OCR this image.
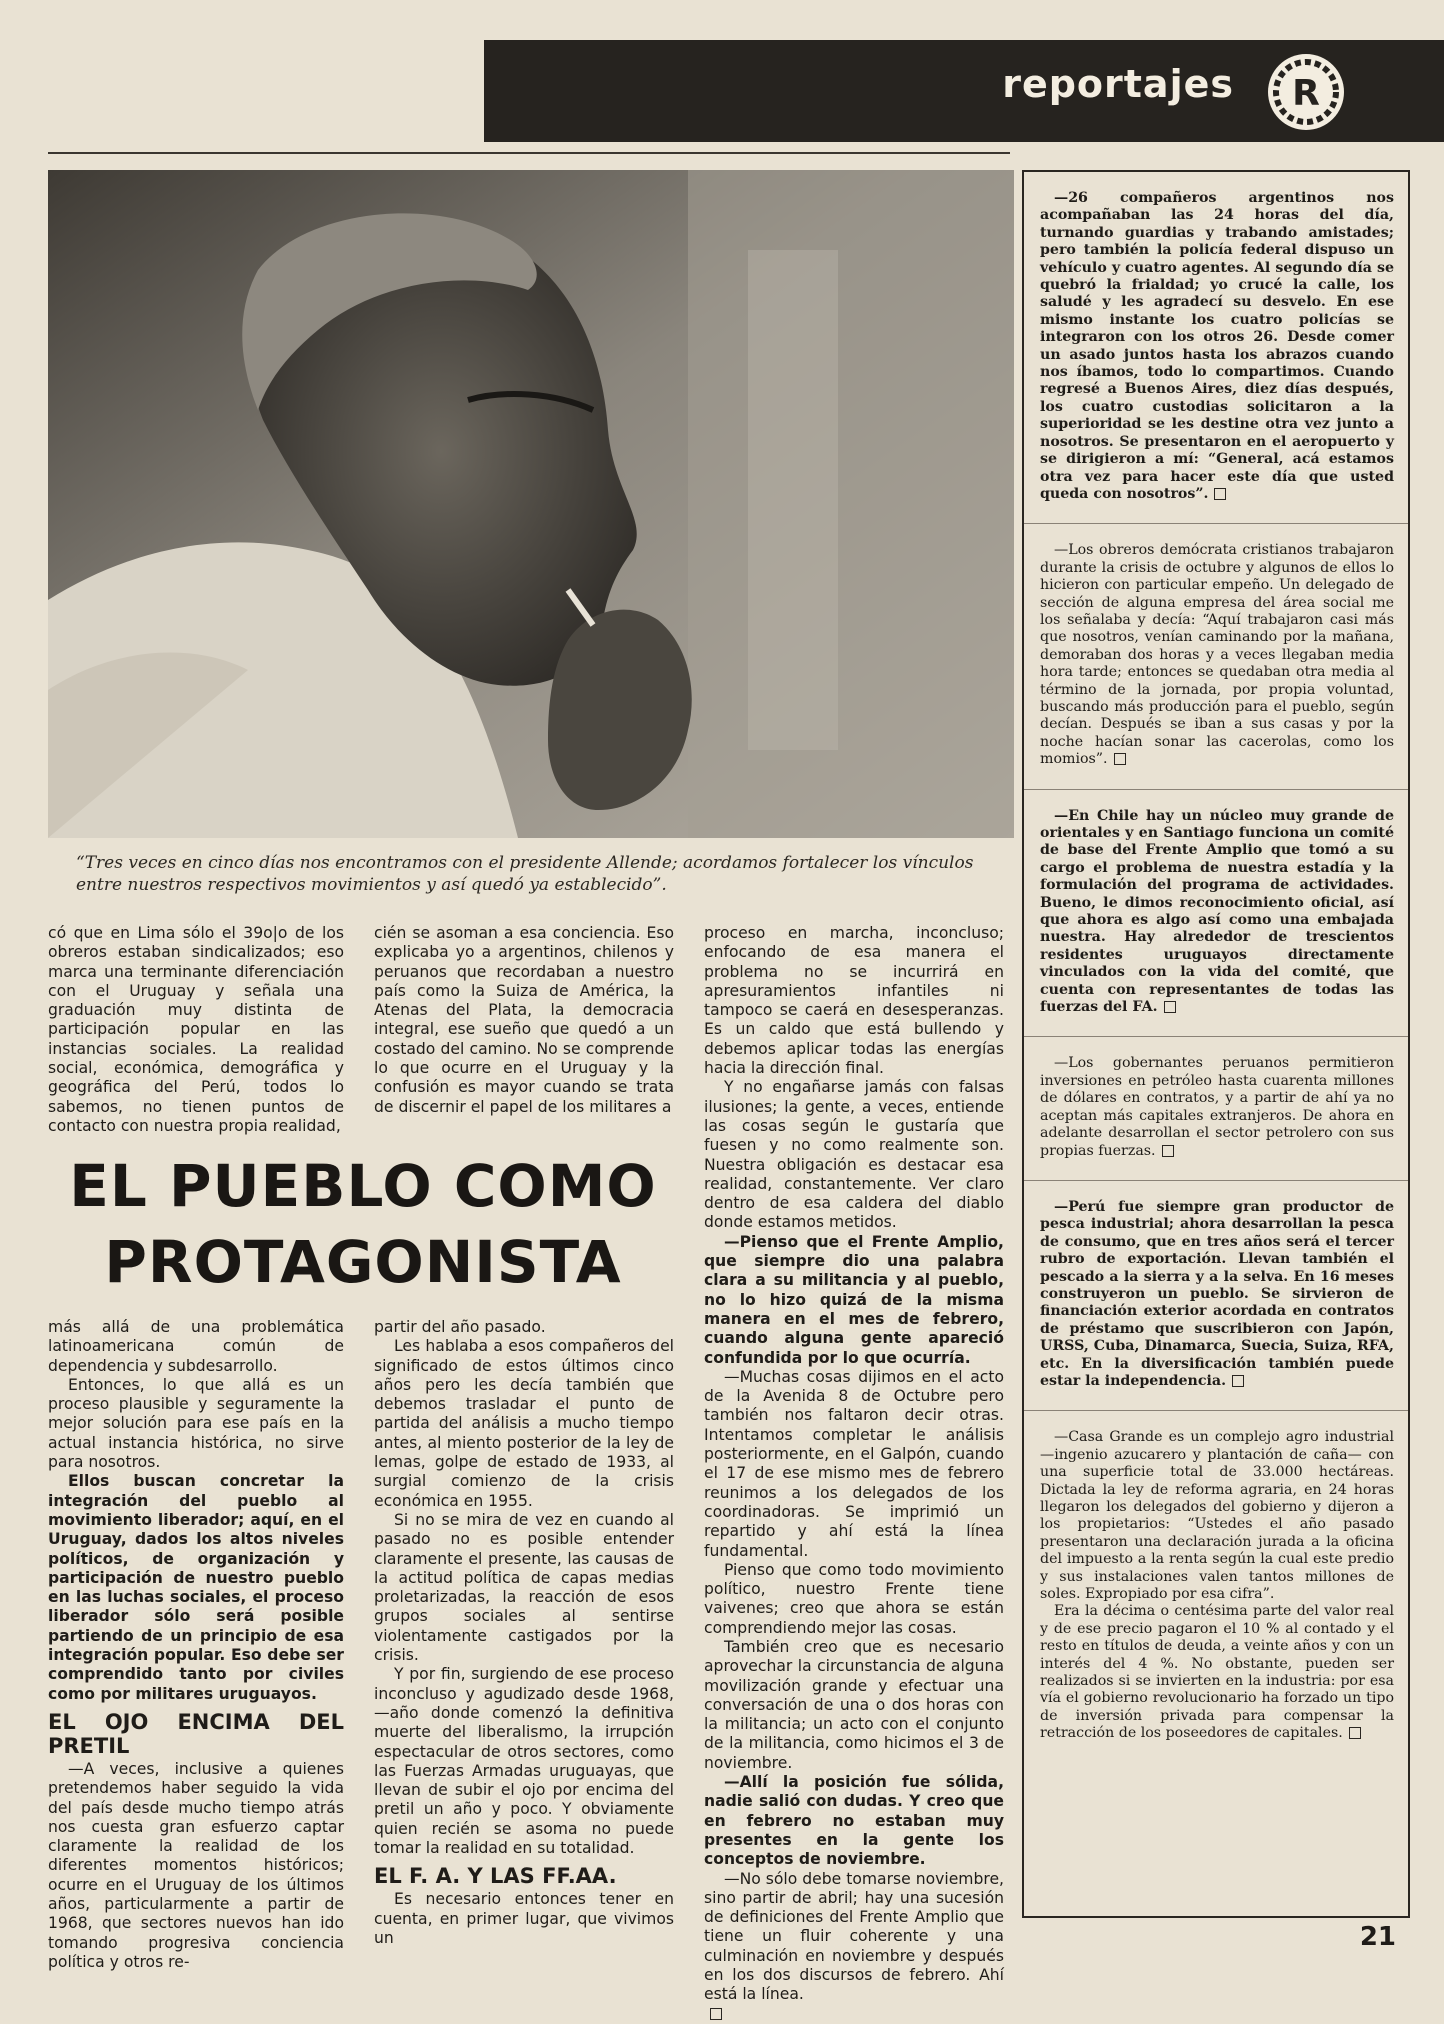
reportajes R
“Tres veces en cinco días nos encontramos con el presidente Allende; acordamos fortalecer los vínculos entre nuestros respectivos movimientos y así quedó ya establecido”.

có que en Lima sólo el 39o|o de los obreros estaban sindicalizados; eso marca una terminante diferenciación con el Uruguay y señala una graduación muy distinta de participación popular en las instancias sociales. La realidad social, económica, demográfica y geográfica del Perú, todos lo sabemos, no tienen puntos de contacto con nuestra propia realidad,

cién se asoman a esa conciencia. Eso explicaba yo a argentinos, chilenos y peruanos que recordaban a nuestro país como la Suiza de América, la Atenas del Plata, la democracia integral, ese sueño que quedó a un costado del camino. No se comprende lo que ocurre en el Uruguay y la confusión es mayor cuando se trata de discernir el papel de los militares a

EL PUEBLO COMO
PROTAGONISTA

más allá de una problemática latinoamericana común de dependencia y subdesarrollo.

Entonces, lo que allá es un proceso plausible y seguramente la mejor solución para ese país en la actual instancia histórica, no sirve para nosotros.

Ellos buscan concretar la integración del pueblo al movimiento liberador; aquí, en el Uruguay, dados los altos niveles políticos, de organización y participación de nuestro pueblo en las luchas sociales, el proceso liberador sólo será posible partiendo de un principio de esa integración popular. Eso debe ser comprendido tanto por civiles como por militares uruguayos.

EL OJO ENCIMA DEL PRETIL

—A veces, inclusive a quienes pretendemos haber seguido la vida del país desde mucho tiempo atrás nos cuesta gran esfuerzo captar claramente la realidad de los diferentes momentos históricos; ocurre en el Uruguay de los últimos años, particularmente a partir de 1968, que sectores nuevos han ido tomando progresiva conciencia política y otros re-

partir del año pasado.

Les hablaba a esos compañeros del significado de estos últimos cinco años pero les decía también que debemos trasladar el punto de partida del análisis a mucho tiempo antes, al miento posterior de la ley de lemas, golpe de estado de 1933, al surgial comienzo de la crisis económica en 1955.

Si no se mira de vez en cuando al pasado no es posible entender claramente el presente, las causas de la actitud política de capas medias proletarizadas, la reacción de esos grupos sociales al sentirse violentamente castigados por la crisis.

Y por fin, surgiendo de ese proceso inconcluso y agudizado desde 1968, —año donde comenzó la definitiva muerte del liberalismo, la irrupción espectacular de otros sectores, como las Fuerzas Armadas uruguayas, que llevan de subir el ojo por encima del pretil un año y poco. Y obviamente quien recién se asoma no puede tomar la realidad en su totalidad.

EL F. A. Y LAS FF.AA.

Es necesario entonces tener en cuenta, en primer lugar, que vivimos un

proceso en marcha, inconcluso; enfocando de esa manera el problema no se incurrirá en apresuramientos infantiles ni tampoco se caerá en desesperanzas. Es un caldo que está bullendo y debemos aplicar todas las energías hacia la dirección final.

Y no engañarse jamás con falsas ilusiones; la gente, a veces, entiende las cosas según le gustaría que fuesen y no como realmente son. Nuestra obligación es destacar esa realidad, constantemente. Ver claro dentro de esa caldera del diablo donde estamos metidos.

—Pienso que el Frente Amplio, que siempre dio una palabra clara a su militancia y al pueblo, no lo hizo quizá de la misma manera en el mes de febrero, cuando alguna gente apareció confundida por lo que ocurría.

—Muchas cosas dijimos en el acto de la Avenida 8 de Octubre pero también nos faltaron decir otras. Intentamos completar le análisis posteriormente, en el Galpón, cuando el 17 de ese mismo mes de febrero reunimos a los delegados de los coordinadoras. Se imprimió un repartido y ahí está la línea fundamental.

Pienso que como todo movimiento político, nuestro Frente tiene vaivenes; creo que ahora se están comprendiendo mejor las cosas.

También creo que es necesario aprovechar la circunstancia de alguna movilización grande y efectuar una conversación de una o dos horas con la militancia; un acto con el conjunto de la militancia, como hicimos el 3 de noviembre.

—Allí la posición fue sólida, nadie salió con dudas. Y creo que en febrero no estaban muy presentes en la gente los conceptos de noviembre.

—No sólo debe tomarse noviembre, sino partir de abril; hay una sucesión de definiciones del Frente Amplio que tiene un fluir coherente y una culminación en noviembre y después en los dos discursos de febrero. Ahí está la línea.

—26 compañeros argentinos nos acompañaban las 24 horas del día, turnando guardias y trabando amistades; pero también la policía federal dispuso un vehículo y cuatro agentes. Al segundo día se quebró la frialdad; yo crucé la calle, los saludé y les agradecí su desvelo. En ese mismo instante los cuatro policías se integraron con los otros 26. Desde comer un asado juntos hasta los abrazos cuando nos íbamos, todo lo compartimos. Cuando regresé a Buenos Aires, diez días después, los cuatro custodias solicitaron a la superioridad se les destine otra vez junto a nosotros. Se presentaron en el aeropuerto y se dirigieron a mí: “General, acá estamos otra vez para hacer este día que usted queda con nosotros”.

—Los obreros demócrata cristianos trabajaron durante la crisis de octubre y algunos de ellos lo hicieron con particular empeño. Un delegado de sección de alguna empresa del área social me los señalaba y decía: “Aquí trabajaron casi más que nosotros, venían caminando por la mañana, demoraban dos horas y a veces llegaban media hora tarde; entonces se quedaban otra media al término de la jornada, por propia voluntad, buscando más producción para el pueblo, según decían. Después se iban a sus casas y por la noche hacían sonar las cacerolas, como los momios”.

—En Chile hay un núcleo muy grande de orientales y en Santiago funciona un comité de base del Frente Amplio que tomó a su cargo el problema de nuestra estadía y la formulación del programa de actividades. Bueno, le dimos reconocimiento oficial, así que ahora es algo así como una embajada nuestra. Hay alrededor de trescientos residentes uruguayos directamente vinculados con la vida del comité, que cuenta con representantes de todas las fuerzas del FA.

—Los gobernantes peruanos permitieron inversiones en petróleo hasta cuarenta millones de dólares en contratos, y a partir de ahí ya no aceptan más capitales extranjeros. De ahora en adelante desarrollan el sector petrolero con sus propias fuerzas.

—Perú fue siempre gran productor de pesca industrial; ahora desarrollan la pesca de consumo, que en tres años será el tercer rubro de exportación. Llevan también el pescado a la sierra y a la selva. En 16 meses construyeron un pueblo. Se sirvieron de financiación exterior acordada en contratos de préstamo que suscribieron con Japón, URSS, Cuba, Dinamarca, Suecia, Suiza, RFA, etc. En la diversificación también puede estar la independencia.

—Casa Grande es un complejo agro industrial —ingenio azucarero y plantación de caña— con una superficie total de 33.000 hectáreas. Dictada la ley de reforma agraria, en 24 horas llegaron los delegados del gobierno y dijeron a los propietarios: “Ustedes el año pasado presentaron una declaración jurada a la oficina del impuesto a la renta según la cual este predio y sus instalaciones valen tantos millones de soles. Expropiado por esa cifra”.

Era la décima o centésima parte del valor real y de ese precio pagaron el 10 % al contado y el resto en títulos de deuda, a veinte años y con un interés del 4 %. No obstante, pueden ser realizados si se invierten en la industria: por esa vía el gobierno revolucionario ha forzado un tipo de inversión privada para compensar la retracción de los poseedores de capitales.

21
